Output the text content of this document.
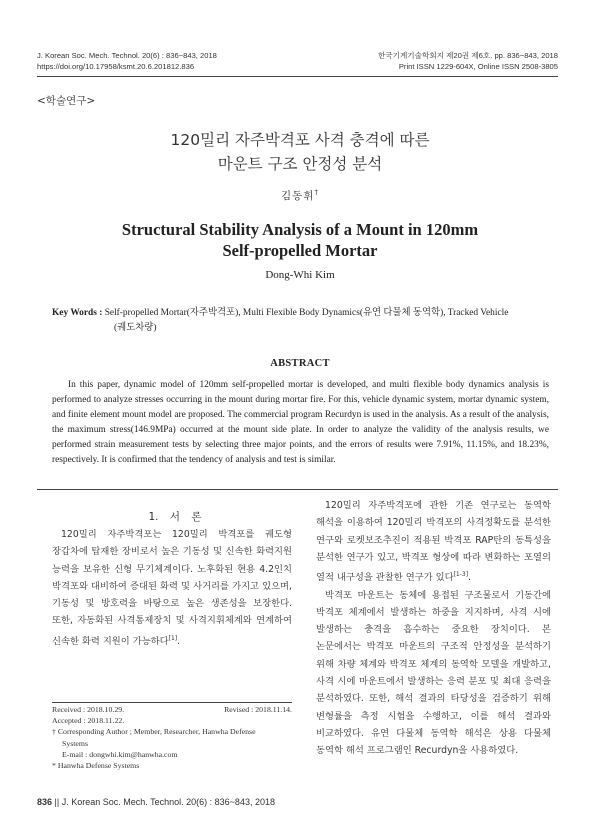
J. Korean Soc. Mech. Technol. 20(6) : 836~843, 2018
https://doi.org/10.17958/ksmt.20.6.201812.836
한국기계기술학회지 제20권 제6호. pp. 836~843, 2018
Print ISSN 1229-604X, Online ISSN 2508-3805
<학술연구>
120밀리 자주박격포 사격 충격에 따른
마운트 구조 안정성 분석
김동휘†
Structural Stability Analysis of a Mount in 120mm
Self-propelled Mortar
Dong-Whi Kim
Key Words : Self-propelled Mortar(자주박격포), Multi Flexible Body Dynamics(유연 다물체 동역학), Tracked Vehicle
(궤도차량)
ABSTRACT
In this paper, dynamic model of 120mm self-propelled mortar is developed, and multi flexible body dynamics analysis is performed to analyze stresses occurring in the mount during mortar fire. For this, vehicle dynamic system, mortar dynamic system, and finite element mount model are proposed. The commercial program Recurdyn is used in the analysis. As a result of the analysis, the maximum stress(146.9MPa) occurred at the mount side plate. In order to analyze the validity of the analysis results, we performed strain measurement tests by selecting three major points, and the errors of results were 7.91%, 11.15%, and 18.23%, respectively. It is confirmed that the tendency of analysis and test is similar.
1. 서 론

120밀리 자주박격포는 120밀리 박격포를 궤도형 장갑차에 탑재한 장비로서 높은 기동성 및 신속한 화력지원 능력을 보유한 신형 무기체계이다. 노후화된 현용 4.2인치 박격포와 대비하여 증대된 화력 및 사거리를 가지고 있으며, 기동성 및 방호력을 바탕으로 높은 생존성을 보장한다. 또한, 자동화된 사격통제장치 및 사격지휘체계와 연계하여 신속한 화력 지원이 가능하다[1].

120밀리 자주박격포에 관한 기존 연구로는 동역학 해석을 이용하여 120밀리 박격포의 사격정확도를 분석한 연구와 로켓보조추진이 적용된 박격포 RAP탄의 동특성을 분석한 연구가 있고, 박격포 형상에 따라 변화하는 포열의 열적 내구성을 관찰한 연구가 있다[1-3].

박격포 마운트는 동체에 용접된 구조물로서 기동간에 박격포 체계에서 발생하는 하중을 지지하며, 사격 시에 발생하는 충격을 흡수하는 중요한 장치이다. 본 논문에서는 박격포 마운트의 구조적 안정성을 분석하기 위해 차량 체계와 박격포 체계의 동역학 모델을 개발하고, 사격 시에 마운트에서 발생하는 응력 분포 및 최대 응력을 분석하였다. 또한, 해석 결과의 타당성을 검증하기 위해 변형률을 측정 시험을 수행하고, 이를 해석 결과와 비교하였다. 유연 다물체 동역학 해석은 상용 다물체 동역학 해석 프로그램인 Recurdyn을 사용하였다.

Received : 2018.10.29.	Revised : 2018.11.14.
Accepted : 2018.11.22.
† Corresponding Author ; Member, Researcher, Hanwha Defense
Systems
E-mail : dongwhi.kim@hanwha.com
* Hanwha Defense Systems
836 || J. Korean Soc. Mech. Technol. 20(6) : 836~843, 2018
